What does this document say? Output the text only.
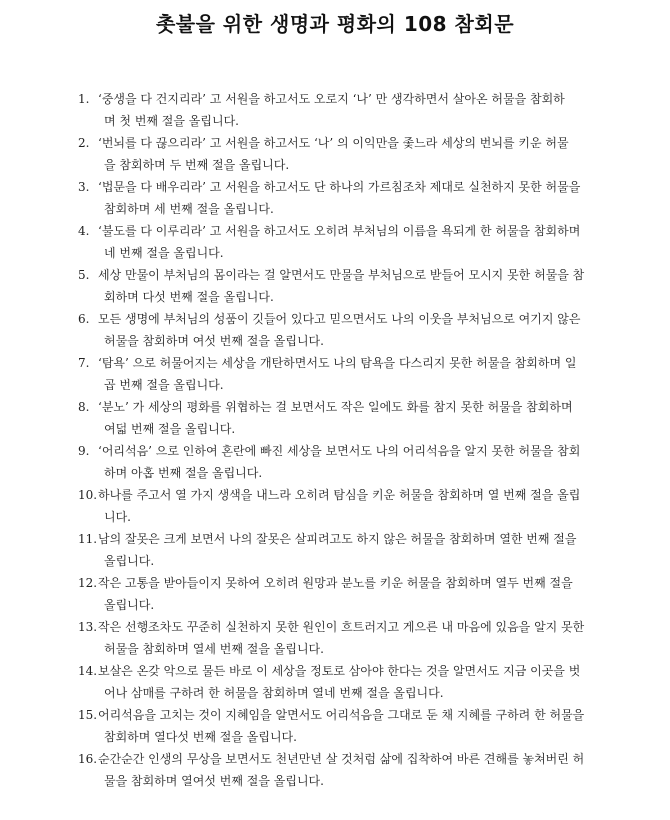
촛불을 위한 생명과 평화의 108 참회문
1. ‘중생을 다 건지리라’ 고 서원을 하고서도 오로지 ‘나’ 만 생각하면서 살아온 허물을 참회하
며 첫 번째 절을 올립니다.
2. ‘번뇌를 다 끊으리라’ 고 서원을 하고서도 ‘나’ 의 이익만을 좇느라 세상의 번뇌를 키운 허물
을 참회하며 두 번째 절을 올립니다.
3. ‘법문을 다 배우리라’ 고 서원을 하고서도 단 하나의 가르침조차 제대로 실천하지 못한 허물을
참회하며 세 번째 절을 올립니다.
4. ‘불도를 다 이루리라’ 고 서원을 하고서도 오히려 부처님의 이름을 욕되게 한 허물을 참회하며
네 번째 절을 올립니다.
5. 세상 만물이 부처님의 몸이라는 걸 알면서도 만물을 부처님으로 받들어 모시지 못한 허물을 참
회하며 다섯 번째 절을 올립니다.
6. 모든 생명에 부처님의 성품이 깃들어 있다고 믿으면서도 나의 이웃을 부처님으로 여기지 않은
허물을 참회하며 여섯 번째 절을 올립니다.
7. ‘탐욕’ 으로 허물어지는 세상을 개탄하면서도 나의 탐욕을 다스리지 못한 허물을 참회하며 일
곱 번째 절을 올립니다.
8. ‘분노’ 가 세상의 평화를 위협하는 걸 보면서도 작은 일에도 화를 참지 못한 허물을 참회하며
여덟 번째 절을 올립니다.
9. ‘어리석음’ 으로 인하여 혼란에 빠진 세상을 보면서도 나의 어리석음을 알지 못한 허물을 참회
하며 아홉 번째 절을 올립니다.
10. 하나를 주고서 열 가지 생색을 내느라 오히려 탐심을 키운 허물을 참회하며 열 번째 절을 올립
니다.
11. 남의 잘못은 크게 보면서 나의 잘못은 살피려고도 하지 않은 허물을 참회하며 열한 번째 절을
올립니다.
12. 작은 고통을 받아들이지 못하여 오히려 원망과 분노를 키운 허물을 참회하며 열두 번째 절을
올립니다.
13. 작은 선행조차도 꾸준히 실천하지 못한 원인이 흐트러지고 게으른 내 마음에 있음을 알지 못한
허물을 참회하며 열세 번째 절을 올립니다.
14. 보살은 온갖 악으로 물든 바로 이 세상을 정토로 삼아야 한다는 것을 알면서도 지금 이곳을 벗
어나 삼매를 구하려 한 허물을 참회하며 열네 번째 절을 올립니다.
15. 어리석음을 고치는 것이 지혜임을 알면서도 어리석음을 그대로 둔 채 지혜를 구하려 한 허물을
참회하며 열다섯 번째 절을 올립니다.
16. 순간순간 인생의 무상을 보면서도 천년만년 살 것처럼 삶에 집착하여 바른 견해를 놓쳐버린 허
물을 참회하며 열여섯 번째 절을 올립니다.
